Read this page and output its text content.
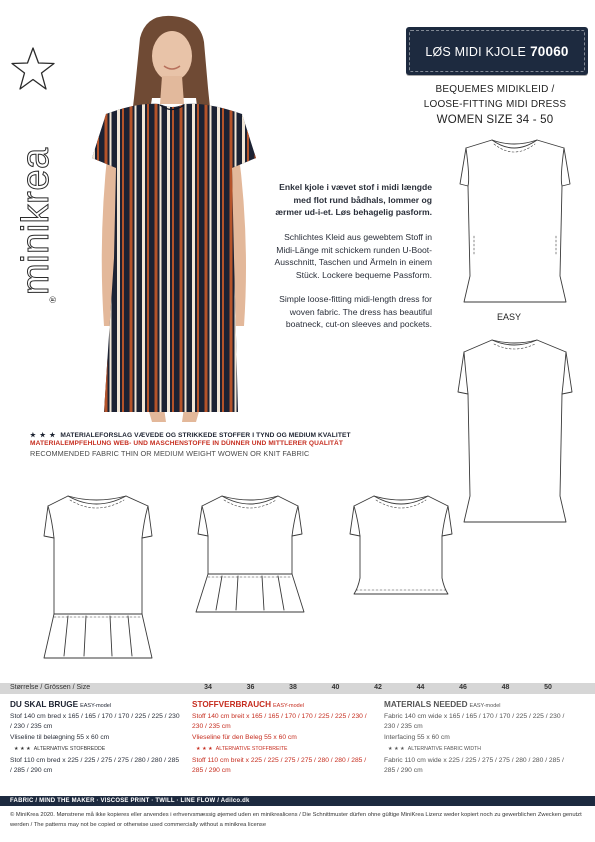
minikrea
®
LØS MIDI KJOLE 70060
BEQUEMES MIDIKLEID /
LOOSE-FITTING MIDI DRESS
WOMEN SIZE 34 - 50
EASY
Enkel kjole i vævet stof i midi længde med flot rund bådhals, lommer og ærmer ud-i-et. Løs behagelig pasform.
Schlichtes Kleid aus gewebtem Stoff in Midi-Länge mit schickem runden U-Boot-Ausschnitt, Taschen und Ärmeln in einem Stück. Lockere bequeme Passform.
Simple loose-fitting midi-length dress for woven fabric. The dress has beautiful boatneck, cut-on sleeves and pockets.
★ ★ ★ MATERIALEFORSLAG VÆVEDE OG STRIKKEDE STOFFER I TYND OG MEDIUM KVALITET
MATERIALEMPFEHLUNG WEB- UND MASCHENSTOFFE IN DÜNNER UND MITTLERER QUALITÄT
RECOMMENDED FABRIC THIN OR MEDIUM WEIGHT WOWEN OR KNIT FABRIC
Størrelse / Grössen / Size	34	36	38	40	42	44	46	48	50
DU SKAL BRUGE EASY-model
Stof 140 cm bred x 165 / 165 / 170 / 170 / 225 / 225 / 230 / 230 / 235 cm
Vliseline til belægning 55 x 60 cm
★ ★ ★ ALTERNATIVE STOFBREDDE
Stof 110 cm bred x 225 / 225 / 275 / 275 / 280 / 280 / 285 / 285 / 290 cm
STOFFVERBRAUCH EASY-model
Stoff 140 cm breit x 165 / 165 / 170 / 170 / 225 / 225 / 230 / 230 / 235 cm
Vlieseline für den Beleg 55 x 60 cm
★ ★ ★ ALTERNATIVE STOFFBREITE
Stoff 110 cm breit x 225 / 225 / 275 / 275 / 280 / 280 / 285 / 285 / 290 cm
MATERIALS NEEDED EASY-model
Fabric 140 cm wide x 165 / 165 / 170 / 170 / 225 / 225 / 230 / 230 / 235 cm
Interfacing 55 x 60 cm
★ ★ ★ ALTERNATIVE FABRIC WIDTH
Fabric 110 cm wide x 225 / 225 / 275 / 275 / 280 / 280 / 285 / 285 / 290 cm
FABRIC / MIND THE MAKER · VISCOSE PRINT · TWILL · LINE FLOW / Adilco.dk
© MiniKrea 2020. Mønstrene må ikke kopieres eller anvendes i erhvervsmæssig øjemed uden en minikrealicens / Die Schnittmuster dürfen ohne gültige MiniKrea Lizenz weder kopiert noch zu gewerblichen Zwecken genutzt werden / The patterns may not be copied or otherwise used commercially without a minikrea license
